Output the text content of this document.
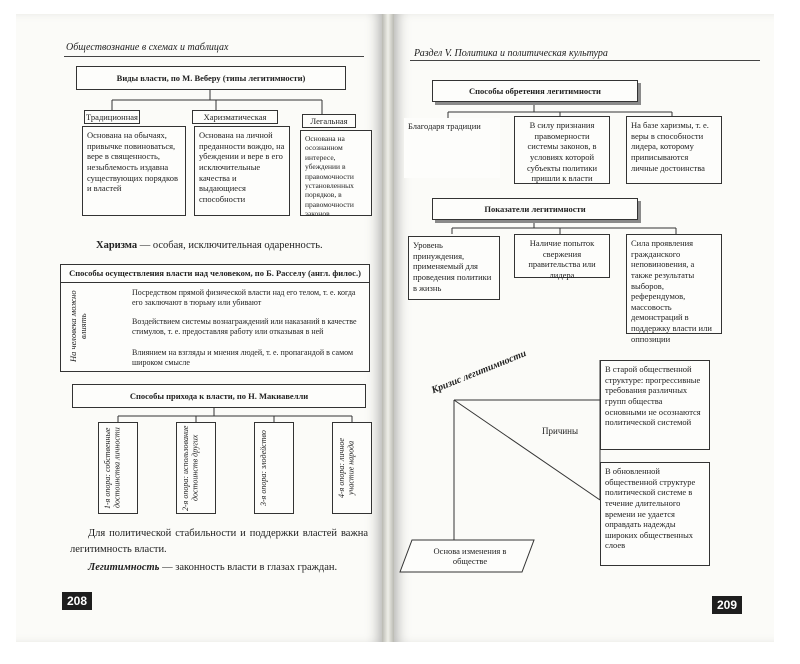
Обществознание в схемах и таблицах
Виды власти, по М. Веберу (типы легитимности)
Традиционная
Основана на обычаях, привычке повиноваться, вере в священность, незыблемость издавна существующих порядков и властей
Харизматическая
Основана на личной преданности вождю, на убеждении и вере в его исключительные качества и выдающиеся способности
Легальная
Основана на осознанном интересе, убеждении в правомочности установленных порядков, в правомочности законов
Харизма — особая, исключительная одаренность.
Способы осуществления власти над человеком, по Б. Расселу (англ. филос.)
На человека можно влиять
Посредством прямой физической власти над его телом, т. е. когда его заключают в тюрьму или убивают
Воздействием системы вознаграждений или наказаний в качестве стимулов, т. е. предоставляя работу или отказывая в ней
Влиянием на взгляды и мнения людей, т. е. пропагандой в самом широком смысле
Способы прихода к власти, по Н. Макиавелли
1-я опора: собственные достоинства личности	2-я опора: использование достоинств других	3-я опора: злодейство	4-я опора: личное участие народа
Для политической стабильности и поддержки властей важна легитимность власти.
Легитимность — законность власти в глазах граждан.
208
Раздел V. Политика и политическая культура
Способы обретения легитимности
Благодаря традиции	В силу признания правомерности системы законов, в условиях которой субъекты политики пришли к власти
На базе харизмы, т. е. веры в способности лидера, которому приписываются личные достоинства
Показатели легитимности
Уровень принуждения, применяемый для проведения политики в жизнь
Наличие попыток свержения правительства или лидера
Сила проявления гражданского неповиновения, а также результаты выборов, референдумов, массовость демонстраций в поддержку власти или оппозиции
Кризис легитимности	В старой общественной структуре: прогрессивные требования различных групп общества основными не осознаются политической системой
Причины
В обновленной общественной структуре политической системе в течение длительного времени не удается оправдать надежды широких общественных слоев
Основа изменения в обществе
209
